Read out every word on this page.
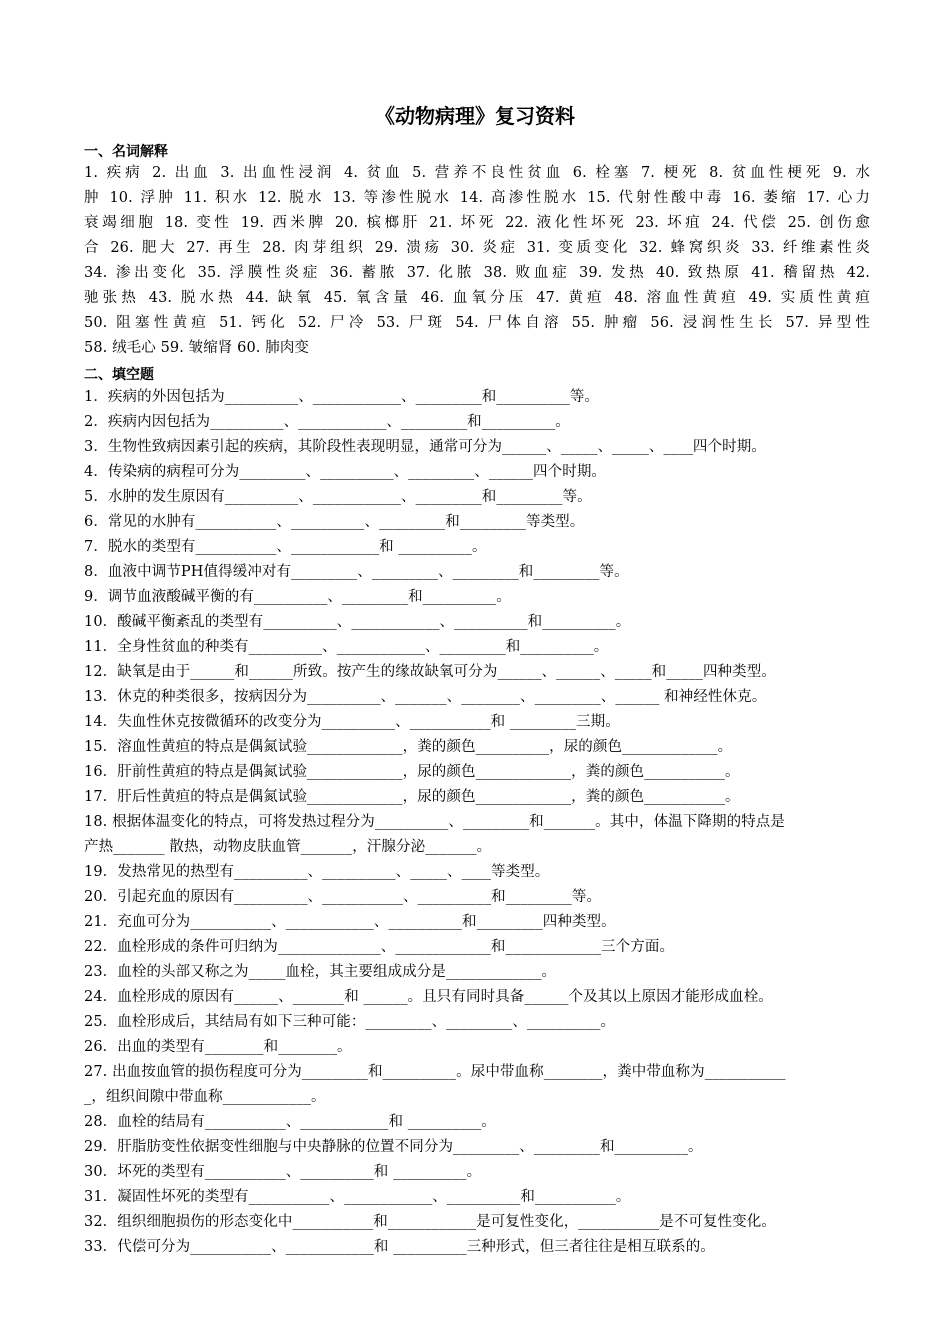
《动物病理》复习资料
一、名词解释
1. 疾病 2. 出血 3. 出血性浸润 4. 贫血 5. 营养不良性贫血 6. 栓塞 7. 梗死 8. 贫血性梗死 9. 水
肿 10. 浮肿 11. 积水 12. 脱水 13. 等渗性脱水 14. 高渗性脱水 15. 代射性酸中毒 16. 萎缩 17. 心力
衰竭细胞 18. 变性 19. 西米脾 20. 槟榔肝 21. 坏死 22. 液化性坏死 23. 坏疽 24. 代偿 25. 创伤愈
合 26. 肥大 27. 再生 28. 肉芽组织 29. 溃疡 30. 炎症 31. 变质变化 32. 蜂窝织炎 33. 纤维素性炎
34. 渗出变化 35. 浮膜性炎症 36. 蓄脓 37. 化脓 38. 败血症 39. 发热 40. 致热原 41. 稽留热 42.
驰张热 43. 脱水热 44. 缺氧 45. 氧含量 46. 血氧分压 47. 黄疸 48. 溶血性黄疸 49. 实质性黄疸
50. 阻塞性黄疸 51. 钙化 52. 尸冷 53. 尸斑 54. 尸体自溶 55. 肿瘤 56. 浸润性生长 57. 异型性
58. 绒毛心 59. 皱缩肾 60. 肺肉变
二、填空题
1．疾病的外因包括为__________、____________、_________和__________等。
2．疾病内因包括为__________、____________、_________和__________。
3．生物性致病因素引起的疾病，其阶段性表现明显，通常可分为______、_____、_____、____四个时期。
4．传染病的病程可分为_________、__________、_________、______四个时期。
5．水肿的发生原因有__________、____________、_________和_________等。
6．常见的水肿有___________、__________、_________和_________等类型。
7．脱水的类型有___________、____________和 __________。
8．血液中调节PH值得缓冲对有_________、_________、_________和_________等。
9．调节血液酸碱平衡的有__________、_________和__________。
10．酸碱平衡紊乱的类型有__________、____________、__________和__________。
11．全身性贫血的种类有__________、____________、_________和__________。
12．缺氧是由于______和______所致。按产生的缘故缺氧可分为______、______、_____和_____四种类型。
13．休克的种类很多，按病因分为__________、_______、________、_________、______ 和神经性休克。
14．失血性休克按微循环的改变分为__________、___________和 _________三期。
15．溶血性黄疸的特点是偶氮试验_____________，粪的颜色__________，尿的颜色_____________。
16．肝前性黄疸的特点是偶氮试验_____________，尿的颜色_____________，粪的颜色___________。
17．肝后性黄疸的特点是偶氮试验_____________，尿的颜色_____________，粪的颜色___________。
18. 根据体温变化的特点，可将发热过程分为__________、_________和_______。其中，体温下降期的特点是
产热_______ 散热，动物皮肤血管_______，汗腺分泌_______。
19．发热常见的热型有__________、__________、_____、____等类型。
20．引起充血的原因有__________、___________、__________和_________等。
21．充血可分为___________、____________、__________和_________四种类型。
22．血栓形成的条件可归纳为______________、_____________和_____________三个方面。
23．血栓的头部又称之为_____血栓，其主要组成成分是_____________。
24．血栓形成的原因有______、_______和 ______。且只有同时具备______个及其以上原因才能形成血栓。
25．血栓形成后，其结局有如下三种可能：_________、_________、__________。
26．出血的类型有________和________。
27. 出血按血管的损伤程度可分为_________和__________。尿中带血称________，粪中带血称为___________
_，组织间隙中带血称____________。
28．血栓的结局有___________、____________和 __________。
29．肝脂肪变性依据变性细胞与中央静脉的位置不同分为_________、_________和__________。
30．坏死的类型有___________、__________和 __________。
31．凝固性坏死的类型有___________、____________、__________和___________。
32．组织细胞损伤的形态变化中___________和____________是可复性变化，___________是不可复性变化。
33．代偿可分为___________、____________和 __________三种形式，但三者往往是相互联系的。
